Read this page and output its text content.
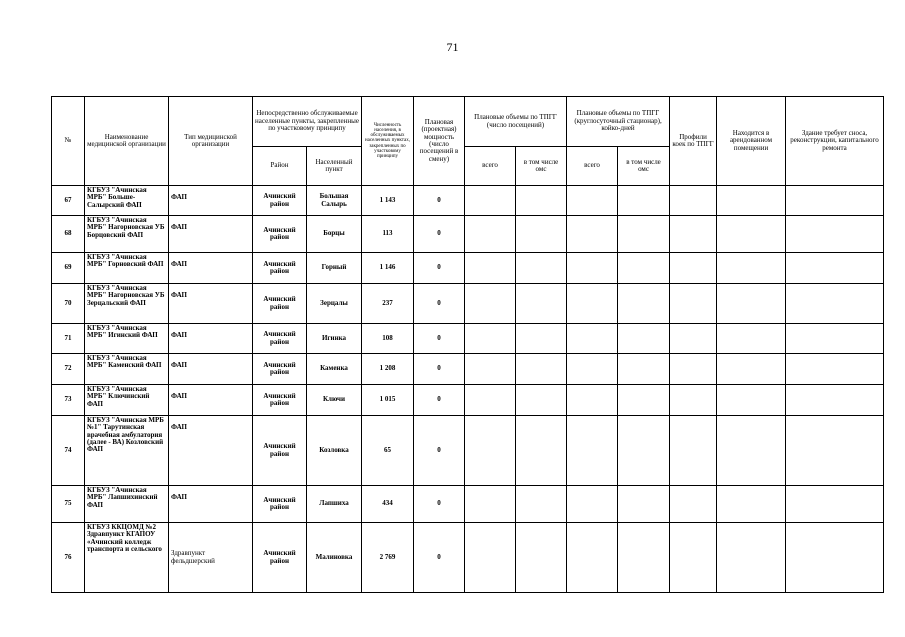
71
№	Наименование медицинской организации	Тип медицинской организации	Непосредственно обслуживаемые населенные пункты, закрепленные по участковому принципу		Численность населения, в обслуживаемых населенных пунктах, закрепленных по участковому принципу	Плановая (проектная) мощность (число посещений в смену)	Плановые объемы по ТПГГ (число посещений)		Плановые объемы по ТПГГ (круглосуточный стационар), койко-дней		Профили коек по ТПГГ	Находится в арендованном помещении	Здание требует сноса, реконструкции, капитального ремонта
			Район	Населенный пункт			всего	в том числе омс	всего	в том числе омс			
67	КГБУЗ "Ачинская МРБ" Больше-Салырский ФАП	ФАП	Ачинский район	Большая Салырь	1 143	0							
68	КГБУЗ "Ачинская МРБ" Нагорновская УБ Борцовский ФАП	ФАП	Ачинский район	Борцы	113	0							
69	КГБУЗ "Ачинская МРБ" Горновский ФАП	ФАП	Ачинский район	Горный	1 146	0							
70	КГБУЗ "Ачинская МРБ" Нагорновская УБ Зерцальский ФАП	ФАП	Ачинский район	Зерцалы	237	0							
71	КГБУЗ "Ачинская МРБ" Игинский ФАП	ФАП	Ачинский район	Игинка	108	0							
72	КГБУЗ "Ачинская МРБ" Каменский ФАП	ФАП	Ачинский район	Каменка	1 208	0							
73	КГБУЗ "Ачинская МРБ" Ключинский ФАП	ФАП	Ачинский район	Ключи	1 015	0							
74	КГБУЗ "Ачинская МРБ №1" Тарутинская врачебная амбулатория (далее - ВА) Козловский ФАП	ФАП	Ачинский район	Козловка	65	0							
75	КГБУЗ "Ачинская МРБ" Лапшихинский ФАП	ФАП	Ачинский район	Лапшиха	434	0							
76	КГБУЗ ККЦОМД №2 Здравпункт КГАПОУ «Ачинский колледж транспорта и сельского	Здравпункт фельдшерский	Ачинский район	Малиновка	2 769	0							
